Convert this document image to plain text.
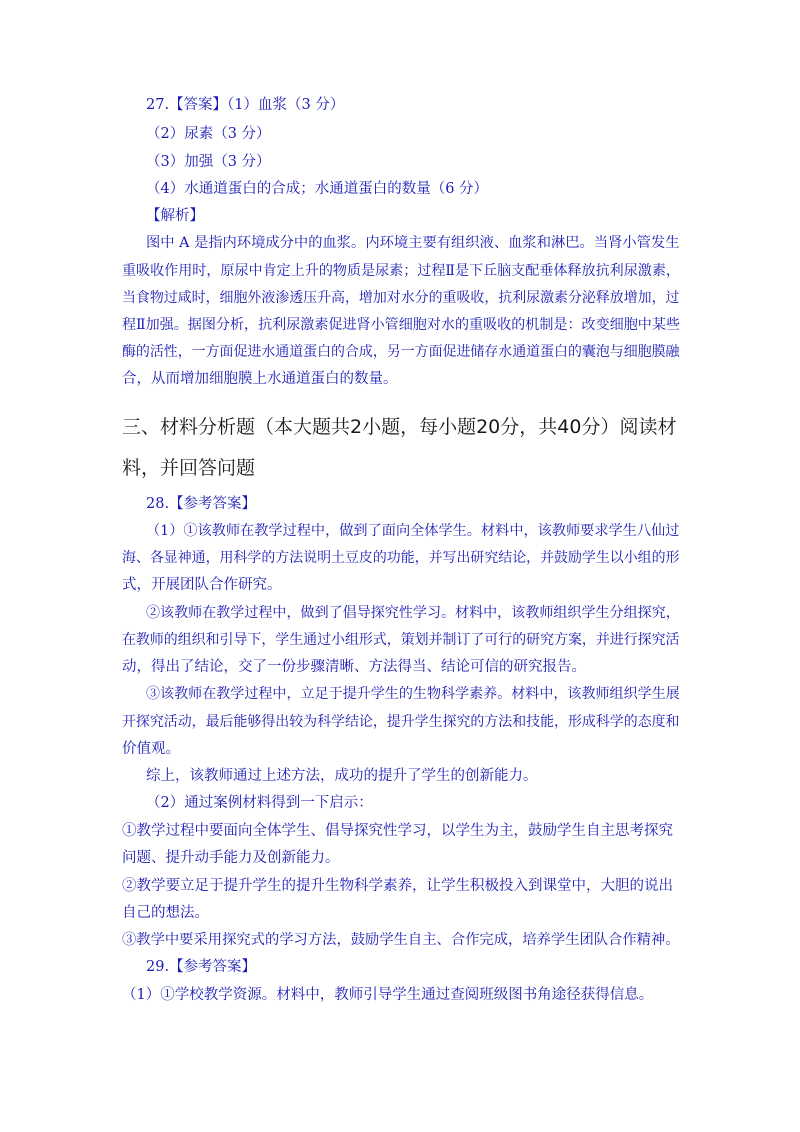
27.【答案】（1）血浆（3 分）
（2）尿素（3 分）
（3）加强（3 分）
（4）水通道蛋白的合成；水通道蛋白的数量（6 分）
【解析】
图中 A 是指内环境成分中的血浆。内环境主要有组织液、血浆和淋巴。当肾小管发生
重吸收作用时，原尿中肯定上升的物质是尿素；过程Ⅱ是下丘脑支配垂体释放抗利尿激素，
当食物过咸时，细胞外液渗透压升高，增加对水分的重吸收，抗利尿激素分泌释放增加，过
程Ⅱ加强。据图分析，抗利尿激素促进肾小管细胞对水的重吸收的机制是：改变细胞中某些
酶的活性，一方面促进水通道蛋白的合成，另一方面促进储存水通道蛋白的囊泡与细胞膜融
合，从而增加细胞膜上水通道蛋白的数量。
三、材料分析题（本大题共2小题，每小题20分，共40分）阅读材
料，并回答问题
28.【参考答案】
（1）①该教师在教学过程中，做到了面向全体学生。材料中，该教师要求学生八仙过
海、各显神通，用科学的方法说明土豆皮的功能，并写出研究结论，并鼓励学生以小组的形
式，开展团队合作研究。
②该教师在教学过程中，做到了倡导探究性学习。材料中，该教师组织学生分组探究，
在教师的组织和引导下，学生通过小组形式，策划并制订了可行的研究方案，并进行探究活
动，得出了结论，交了一份步骤清晰、方法得当、结论可信的研究报告。
③该教师在教学过程中，立足于提升学生的生物科学素养。材料中，该教师组织学生展
开探究活动，最后能够得出较为科学结论，提升学生探究的方法和技能，形成科学的态度和
价值观。
综上，该教师通过上述方法，成功的提升了学生的创新能力。
（2）通过案例材料得到一下启示：
①教学过程中要面向全体学生、倡导探究性学习，以学生为主，鼓励学生自主思考探究
问题、提升动手能力及创新能力。
②教学要立足于提升学生的提升生物科学素养，让学生积极投入到课堂中，大胆的说出
自己的想法。
③教学中要采用探究式的学习方法，鼓励学生自主、合作完成，培养学生团队合作精神。
29.【参考答案】
（1）①学校教学资源。材料中，教师引导学生通过查阅班级图书角途径获得信息。
